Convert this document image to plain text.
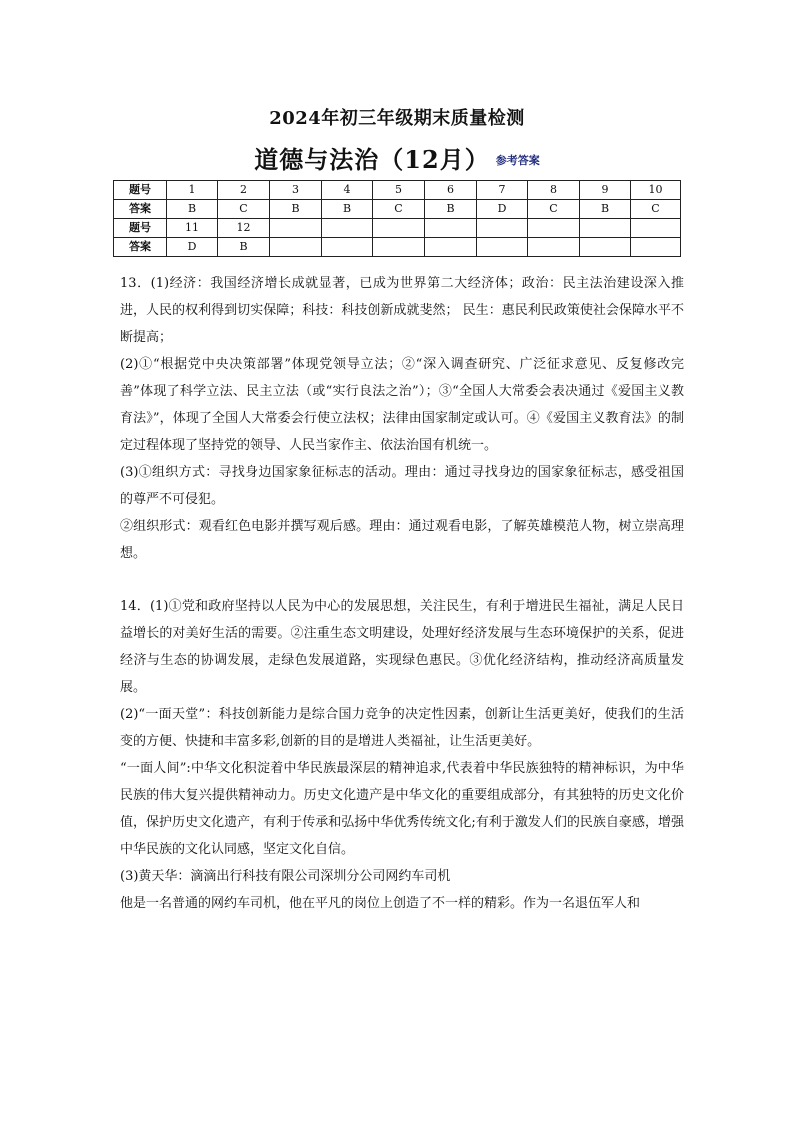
2024年初三年级期末质量检测
道德与法治（12月） $^{参考答案}$
题号	1	2	3	4	5	6	7	8	9	10
答案	B	C	B	B	C	B	D	C	B	C
题号	11	12								
答案	D	B								

13．(1)经济：我国经济增长成就显著，已成为世界第二大经济体；政治：民主法治建设深入推进，人民的权利得到切实保障；科技：科技创新成就斐然； 民生：惠民利民政策使社会保障水平不断提高；

(2)①“根据党中央决策部署”体现党领导立法；②“深入调查研究、广泛征求意见、反复修改完善”体现了科学立法、民主立法（或“实行良法之治”）；③“全国人大常委会表决通过《爱国主义教育法》”，体现了全国人大常委会行使立法权；法律由国家制定或认可。④《爱国主义教育法》的制定过程体现了坚持党的领导、人民当家作主、依法治国有机统一。

(3)①组织方式：寻找身边国家象征标志的活动。理由：通过寻找身边的国家象征标志，感受祖国的尊严不可侵犯。

②组织形式：观看红色电影并撰写观后感。理由：通过观看电影，了解英雄模范人物，树立崇高理想。

14．(1)①党和政府坚持以人民为中心的发展思想，关注民生，有利于增进民生福祉，满足人民日益增长的对美好生活的需要。②注重生态文明建设，处理好经济发展与生态环境保护的关系，促进经济与生态的协调发展，走绿色发展道路，实现绿色惠民。③优化经济结构，推动经济高质量发展。

(2)“一面天堂”：科技创新能力是综合国力竞争的决定性因素，创新让生活更美好，使我们的生活变的方便、快捷和丰富多彩,创新的目的是增进人类福祉，让生活更美好。

“一面人间”:中华文化积淀着中华民族最深层的精神追求,代表着中华民族独特的精神标识，为中华民族的伟大复兴提供精神动力。历史文化遗产是中华文化的重要组成部分，有其独特的历史文化价值，保护历史文化遗产，有利于传承和弘扬中华优秀传统文化;有利于激发人们的民族自豪感，增强中华民族的文化认同感，坚定文化自信。

(3)黄天华：滴滴出行科技有限公司深圳分公司网约车司机

他是一名普通的网约车司机，他在平凡的岗位上创造了不一样的精彩。作为一名退伍军人和
